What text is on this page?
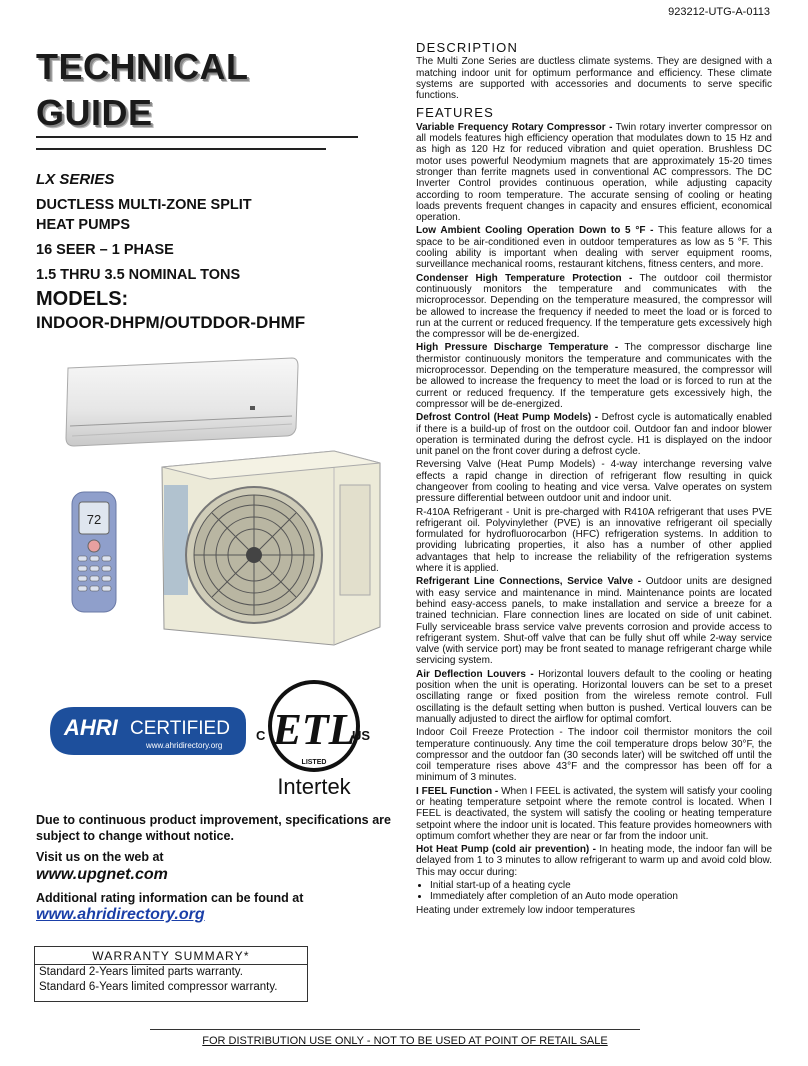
923212-UTG-A-0113
TECHNICAL
GUIDE
LX SERIES
DUCTLESS MULTI-ZONE SPLIT
HEAT PUMPS
16 SEER – 1 PHASE
1.5 THRU 3.5 NOMINAL TONS
MODELS:
INDOOR-DHPM/OUTDDOR-DHMF
72
AHRI CERTIFIED
www.ahridirectory.org ETL
C	US
LISTED
Intertek
Due to continuous product improvement, specifications are subject to change without notice.
Visit us on the web at
www.upgnet.com
Additional rating information can be found at
www.ahridirectory.org
WARRANTY SUMMARY*
Standard 2-Years limited parts warranty.
Standard 6-Years limited compressor warranty.
DESCRIPTION
The Multi Zone Series are ductless climate systems. They are designed with a matching indoor unit for optimum performance and efficiency. These climate systems are supported with accessories and documents to serve specific functions.
FEATURES
Variable Frequency Rotary Compressor - Twin rotary inverter compressor on all models features high efficiency operation that modulates down to 15 Hz and as high as 120 Hz for reduced vibration and quiet operation. Brushless DC motor uses powerful Neodymium magnets that are approximately 15-20 times stronger than ferrite magnets used in conventional AC compressors. The DC Inverter Control provides continuous operation, while adjusting capacity according to room temperature. The accurate sensing of cooling or heating loads prevents frequent changes in capacity and ensures efficient, economical operation.
Low Ambient Cooling Operation Down to 5 °F - This feature allows for a space to be air-conditioned even in outdoor temperatures as low as 5 °F. This cooling ability is important when dealing with server equipment rooms, surveillance mechanical rooms, restaurant kitchens, fitness centers, and more.
Condenser High Temperature Protection - The outdoor coil thermistor continuously monitors the temperature and communicates with the microprocessor. Depending on the temperature measured, the compressor will be allowed to increase the frequency if needed to meet the load or is forced to run at the current or reduced frequency. If the temperature gets excessively high the compressor will be de-energized.
High Pressure Discharge Temperature - The compressor discharge line thermistor continuously monitors the temperature and communicates with the microprocessor. Depending on the temperature measured, the compressor will be allowed to increase the frequency to meet the load or is forced to run at the current or reduced frequency. If the temperature gets excessively high, the compressor will be de-energized.
Defrost Control (Heat Pump Models) - Defrost cycle is automatically enabled if there is a build-up of frost on the outdoor coil. Outdoor fan and indoor blower operation is terminated during the defrost cycle. H1 is displayed on the indoor unit panel on the front cover during a defrost cycle.
Reversing Valve (Heat Pump Models) - 4-way interchange reversing valve effects a rapid change in direction of refrigerant flow resulting in quick changeover from cooling to heating and vice versa. Valve operates on system pressure differential between outdoor unit and indoor unit.
R-410A Refrigerant - Unit is pre-charged with R410A refrigerant that uses PVE refrigerant oil. Polyvinylether (PVE) is an innovative refrigerant oil specially formulated for hydrofluorocarbon (HFC) refrigeration systems. In addition to providing lubricating properties, it also has a number of other applied advantages that help to increase the reliability of the refrigeration systems where it is applied.
Refrigerant Line Connections, Service Valve - Outdoor units are designed with easy service and maintenance in mind. Maintenance points are located behind easy-access panels, to make installation and service a breeze for a trained technician. Flare connection lines are located on side of unit cabinet. Fully serviceable brass service valve prevents corrosion and provide access to refrigerant system. Shut-off valve that can be fully shut off while 2-way service valve (with service port) may be front seated to manage refrigerant charge while servicing system.
Air Deflection Louvers - Horizontal louvers default to the cooling or heating position when the unit is operating. Horizontal louvers can be set to a preset oscillating range or fixed position from the wireless remote control. Full oscillating is the default setting when button is pushed. Vertical louvers can be manually adjusted to direct the airflow for optimal comfort.
Indoor Coil Freeze Protection - The indoor coil thermistor monitors the coil temperature continuously. Any time the coil temperature drops below 30°F, the compressor and the outdoor fan (30 seconds later) will be switched off until the coil temperature rises above 43°F and the compressor has been off for a minimum of 3 minutes.
I FEEL Function - When I FEEL is activated, the system will satisfy your cooling or heating temperature setpoint where the remote control is located. When I FEEL is deactivated, the system will satisfy the cooling or heating temperature setpoint where the indoor unit is located. This feature provides homeowners with optimum comfort whether they are near or far from the indoor unit.
Hot Heat Pump (cold air prevention) - In heating mode, the indoor fan will be delayed from 1 to 3 minutes to allow refrigerant to warm up and avoid cold blow. This may occur during:
• Initial start-up of a heating cycle
• Immediately after completion of an Auto mode operation
Heating under extremely low indoor temperatures
FOR DISTRIBUTION USE ONLY - NOT TO BE USED AT POINT OF RETAIL SALE
